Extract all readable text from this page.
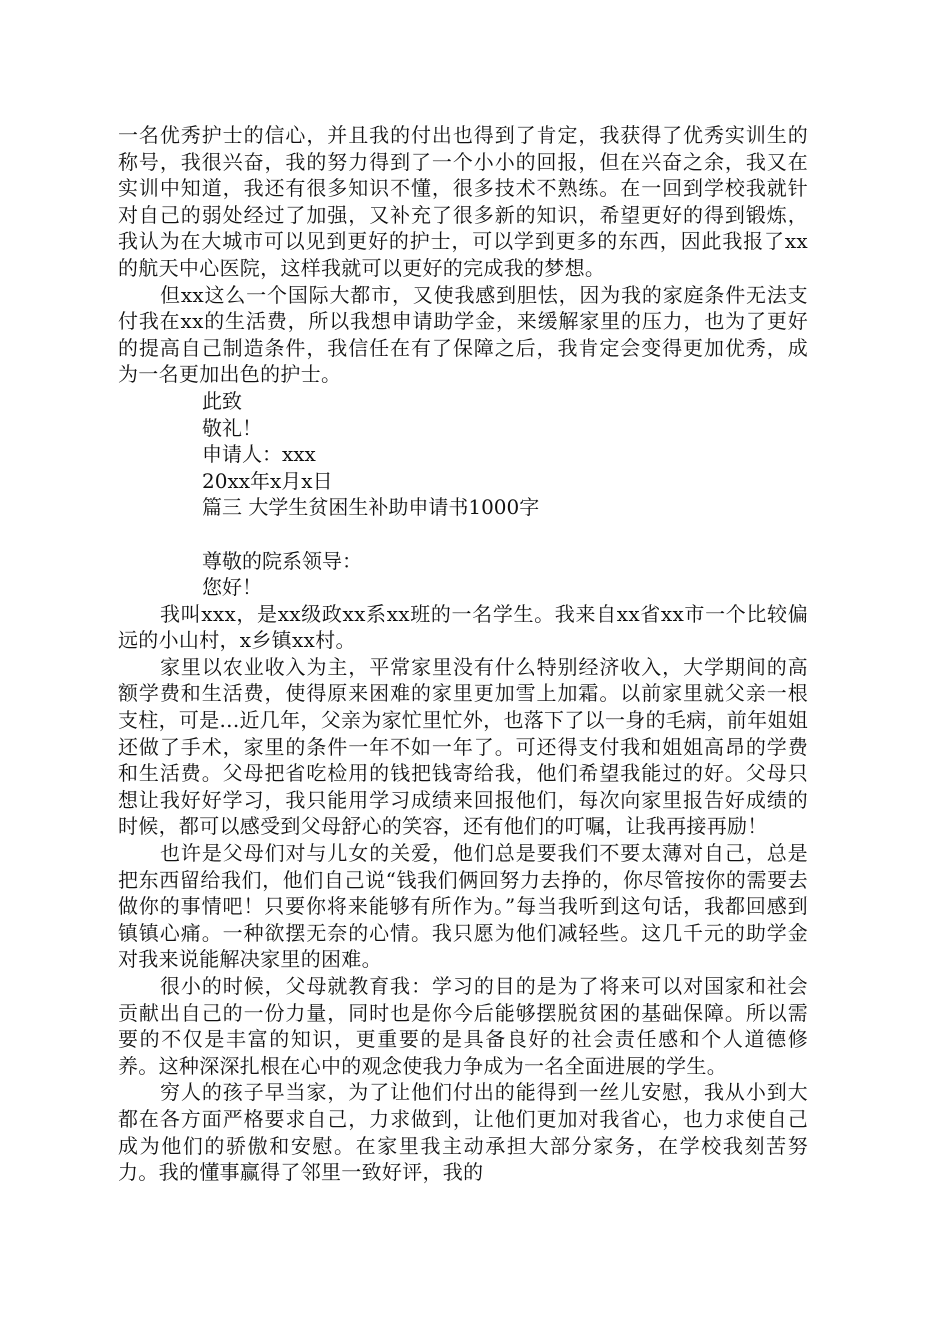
一名优秀护士的信心，并且我的付出也得到了肯定，我获得了优秀实训生的称号，我很兴奋，我的努力得到了一个小小的回报，但在兴奋之余，我又在实训中知道，我还有很多知识不懂，很多技术不熟练。在一回到学校我就针对自己的弱处经过了加强，又补充了很多新的知识，希望更好的得到锻炼，我认为在大城市可以见到更好的护士，可以学到更多的东西，因此我报了xx的航天中心医院，这样我就可以更好的完成我的梦想。

但xx这么一个国际大都市，又使我感到胆怯，因为我的家庭条件无法支付我在xx的生活费，所以我想申请助学金，来缓解家里的压力，也为了更好的提高自己制造条件，我信任在有了保障之后，我肯定会变得更加优秀，成为一名更加出色的护士。

此致

敬礼！

申请人：xxx

20xx年x月x日

篇三 大学生贫困生补助申请书1000字

尊敬的院系领导：

您好！

我叫xxx，是xx级政xx系xx班的一名学生。我来自xx省xx市一个比较偏远的小山村，x乡镇xx村。

家里以农业收入为主，平常家里没有什么特别经济收入，大学期间的高额学费和生活费，使得原来困难的家里更加雪上加霜。以前家里就父亲一根支柱，可是...近几年，父亲为家忙里忙外，也落下了以一身的毛病，前年姐姐还做了手术，家里的条件一年不如一年了。可还得支付我和姐姐高昂的学费和生活费。父母把省吃检用的钱把钱寄给我，他们希望我能过的好。父母只想让我好好学习，我只能用学习成绩来回报他们，每次向家里报告好成绩的时候，都可以感受到父母舒心的笑容，还有他们的叮嘱，让我再接再励！

也许是父母们对与儿女的关爱，他们总是要我们不要太薄对自己，总是把东西留给我们，他们自己说“钱我们俩回努力去挣的，你尽管按你的需要去做你的事情吧！只要你将来能够有所作为。”每当我听到这句话，我都回感到镇镇心痛。一种欲摆无奈的心情。我只愿为他们减轻些。这几千元的助学金对我来说能解决家里的困难。

很小的时候，父母就教育我：学习的目的是为了将来可以对国家和社会贡献出自己的一份力量，同时也是你今后能够摆脱贫困的基础保障。所以需要的不仅是丰富的知识，更重要的是具备良好的社会责任感和个人道德修养。这种深深扎根在心中的观念使我力争成为一名全面进展的学生。

穷人的孩子早当家，为了让他们付出的能得到一丝儿安慰，我从小到大都在各方面严格要求自己，力求做到，让他们更加对我省心，也力求使自己成为他们的骄傲和安慰。在家里我主动承担大部分家务，在学校我刻苦努力。我的懂事赢得了邻里一致好评，我的
